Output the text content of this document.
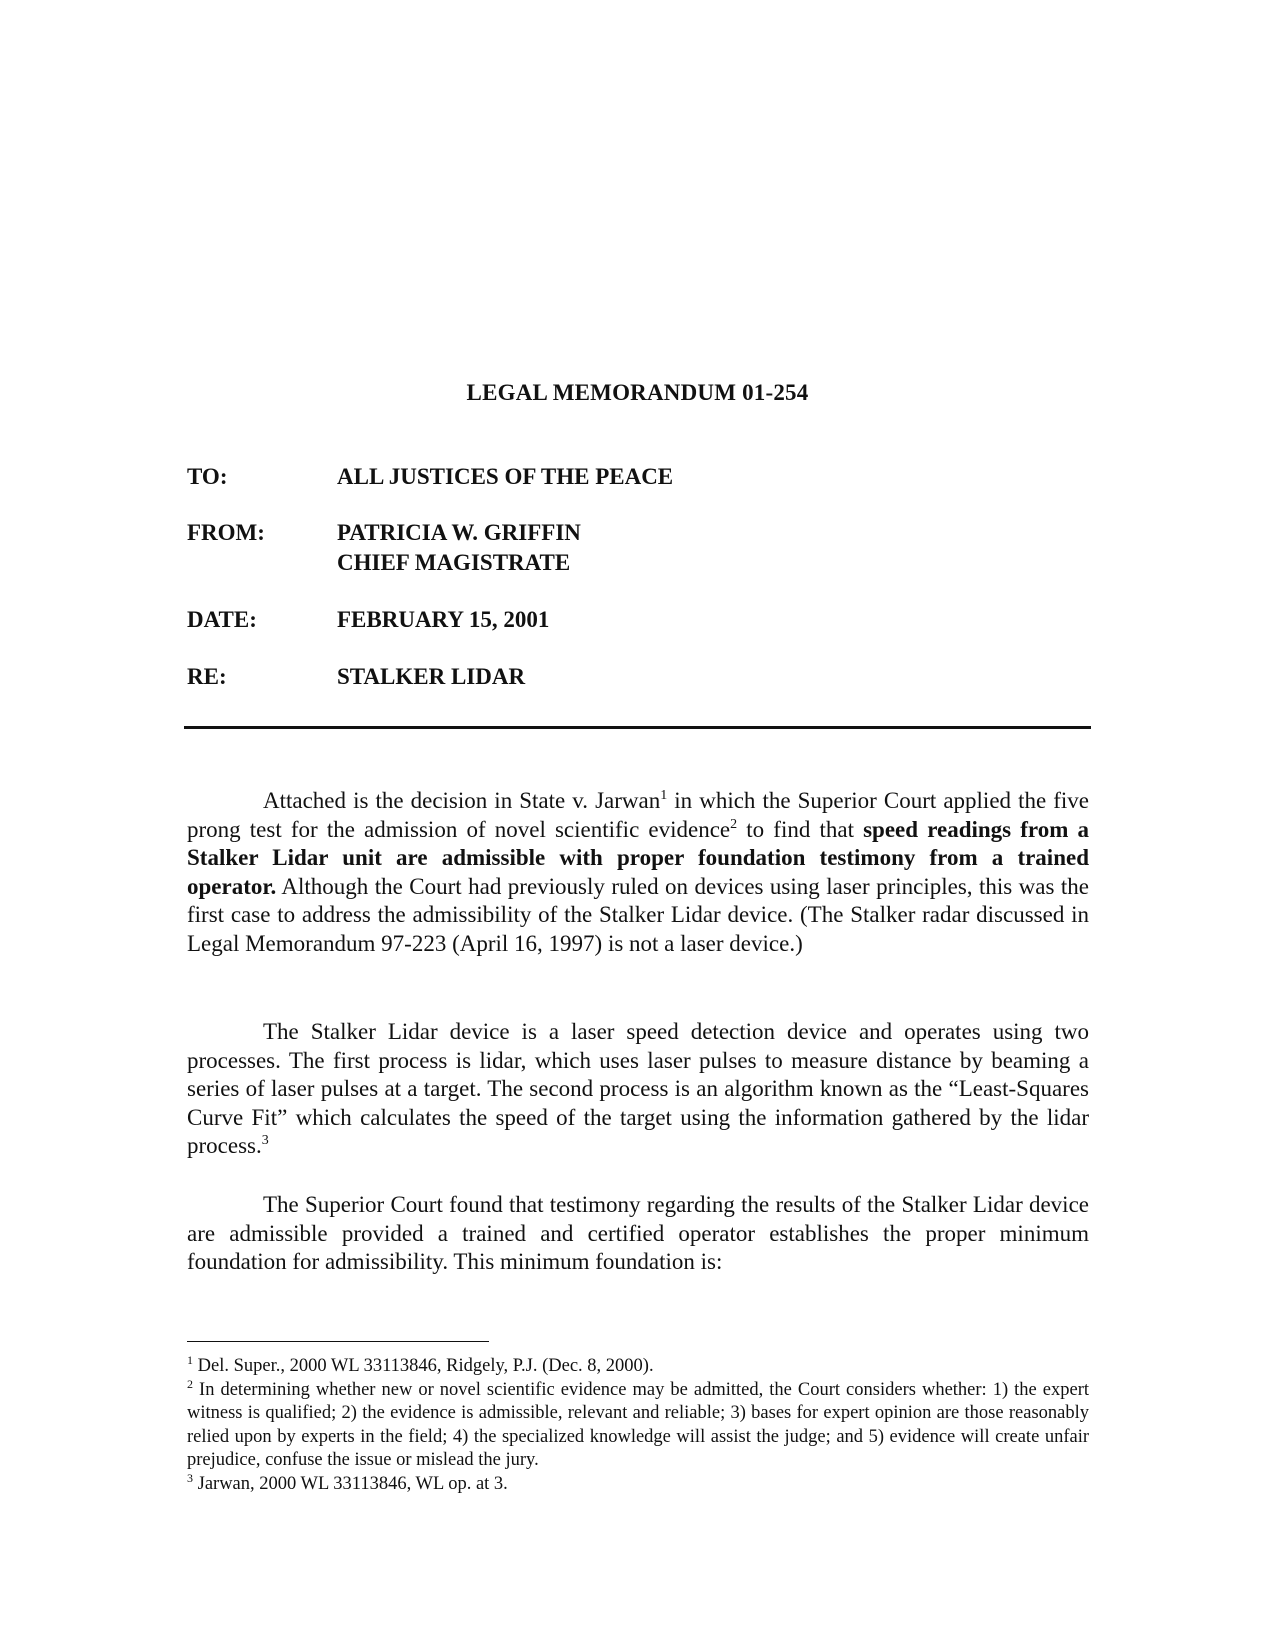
LEGAL MEMORANDUM 01-254
TO:	ALL JUSTICES OF THE PEACE
FROM:	PATRICIA W. GRIFFIN
CHIEF MAGISTRATE
DATE:	FEBRUARY 15, 2001
RE:	STALKER LIDAR
Attached is the decision in State v. Jarwan$^1$ in which the Superior Court applied the five prong test for the admission of novel scientific evidence$^2$ to find that speed readings from a Stalker Lidar unit are admissible with proper foundation testimony from a trained operator. Although the Court had previously ruled on devices using laser principles, this was the first case to address the admissibility of the Stalker Lidar device. (The Stalker radar discussed in Legal Memorandum 97-223 (April 16, 1997) is not a laser device.)
The Stalker Lidar device is a laser speed detection device and operates using two processes. The first process is lidar, which uses laser pulses to measure distance by beaming a series of laser pulses at a target. The second process is an algorithm known as the “Least-Squares Curve Fit” which calculates the speed of the target using the information gathered by the lidar process.$^3$
The Superior Court found that testimony regarding the results of the Stalker Lidar device are admissible provided a trained and certified operator establishes the proper minimum foundation for admissibility. This minimum foundation is:
$^1$ Del. Super., 2000 WL 33113846, Ridgely, P.J. (Dec. 8, 2000).
$^2$ In determining whether new or novel scientific evidence may be admitted, the Court considers whether: 1) the expert witness is qualified; 2) the evidence is admissible, relevant and reliable; 3) bases for expert opinion are those reasonably relied upon by experts in the field; 4) the specialized knowledge will assist the judge; and 5) evidence will create unfair prejudice, confuse the issue or mislead the jury.
$^3$ Jarwan, 2000 WL 33113846, WL op. at 3.
